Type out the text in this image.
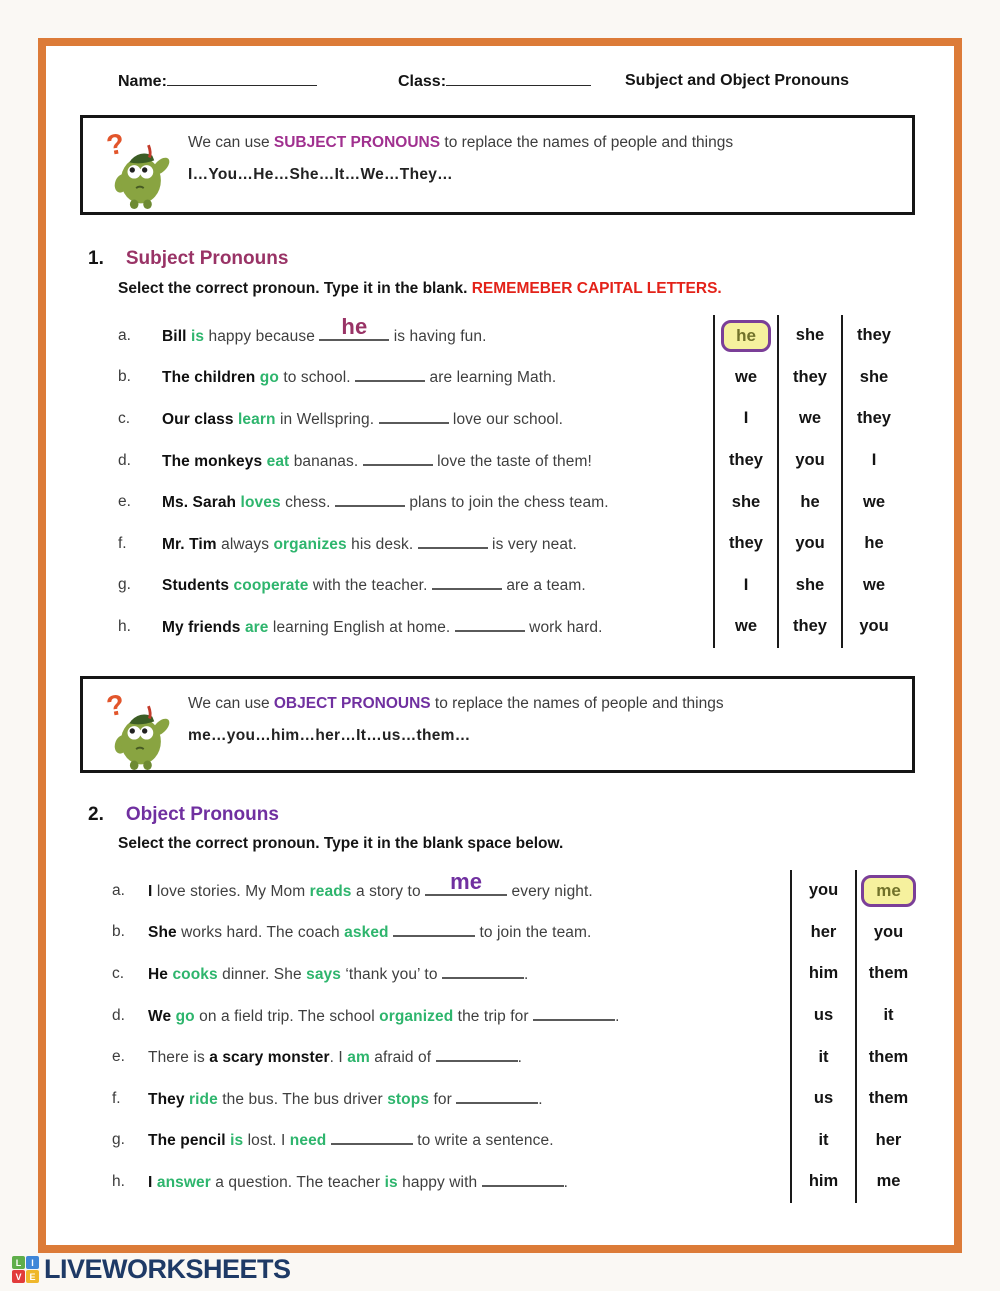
Name:	Class:	Subject and Object Pronouns
?	We can use SUBJECT PRONOUNS to replace the names of people and things
I…You…He…She…It…We…They…
1. Subject Pronouns
Select the correct pronoun. Type it in the blank. REMEMEBER CAPITAL LETTERS.
a.	Bill is happy because he is having fun.
b.	The children go to school.	are learning Math.
c.	Our class learn in Wellspring.	love our school.
d.	The monkeys eat bananas.	love the taste of them!
e.	Ms. Sarah loves chess.	plans to join the chess team.
f.	Mr. Tim always organizes his desk.	is very neat.
g.	Students cooperate with the teacher.	are a team.
h.	My friends are learning English at home.	work hard.
he	she they
we they she
I	we they
they you	I
she he	we
they you he
I	she we
we they you
?	We can use OBJECT PRONOUNS to replace the names of people and things
me…you…him…her…It…us…them…
2. Object Pronouns
Select the correct pronoun. Type it in the blank space below.
a.	I love stories. My Mom reads a story to me every night.
b.	She works hard. The coach asked	to join the team.
c.	He cooks dinner. She says ‘thank you’ to	.
d.	We go on a field trip. The school organized the trip for	.
e.	There is a scary monster. I am afraid of	.
f.	They ride the bus. The bus driver stops for	.
g.	The pencil is lost. I need	to write a sentence.
h.	I answer a question. The teacher is happy with	.
you	me
her you
him them
us	it
it them
us them
it	her
him me
L	I
V E LIVEWORKSHEETS
